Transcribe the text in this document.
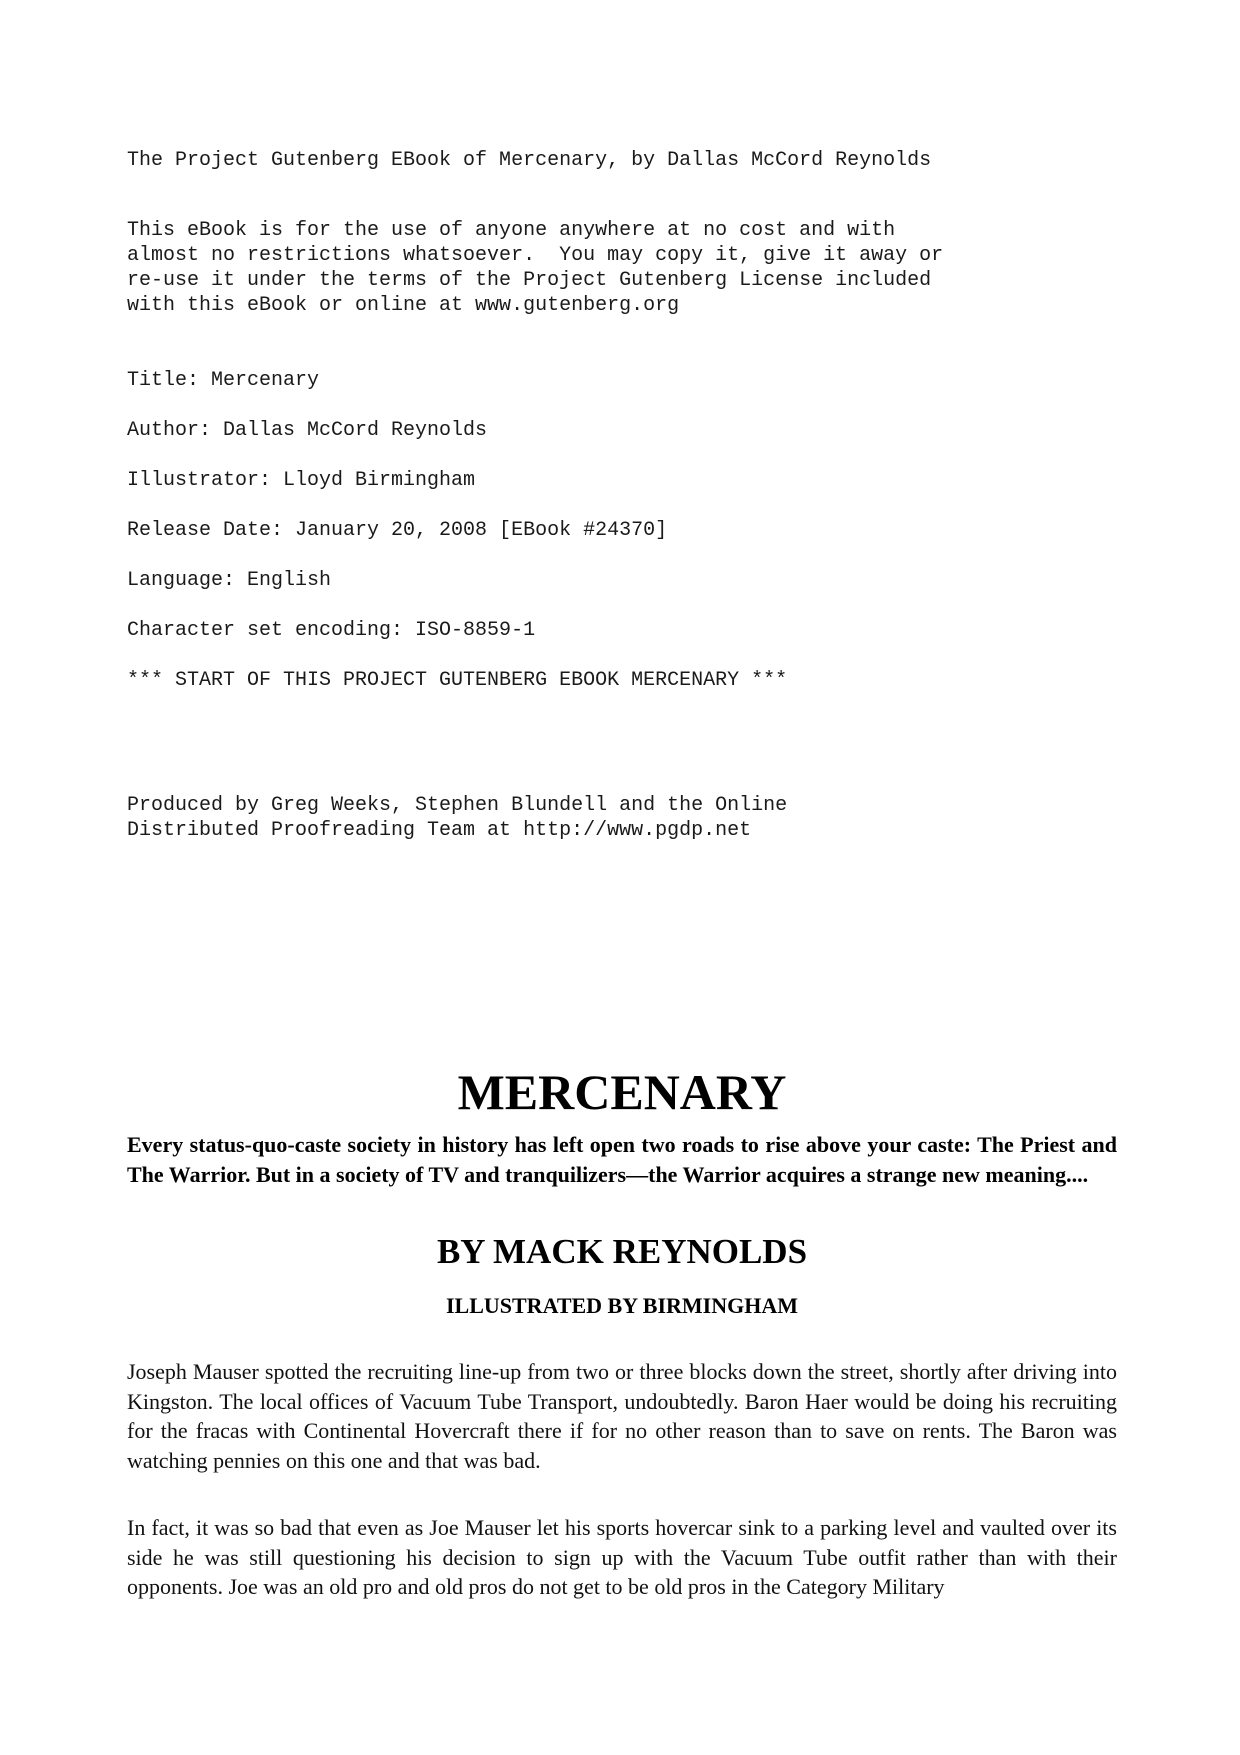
The Project Gutenberg EBook of Mercenary, by Dallas McCord Reynolds

This eBook is for the use of anyone anywhere at no cost and with
almost no restrictions whatsoever.  You may copy it, give it away or
re-use it under the terms of the Project Gutenberg License included
with this eBook or online at www.gutenberg.org

Title: Mercenary

Author: Dallas McCord Reynolds

Illustrator: Lloyd Birmingham

Release Date: January 20, 2008 [EBook #24370]

Language: English

Character set encoding: ISO-8859-1

*** START OF THIS PROJECT GUTENBERG EBOOK MERCENARY ***

Produced by Greg Weeks, Stephen Blundell and the Online
Distributed Proofreading Team at http://www.pgdp.net

MERCENARY

Every status-quo-caste society in history has left open two roads to rise above your caste: The Priest and The Warrior. But in a society of TV and tranquilizers—the Warrior acquires a strange new meaning....

BY MACK REYNOLDS
ILLUSTRATED BY BIRMINGHAM

Joseph Mauser spotted the recruiting line-up from two or three blocks down the street, shortly after driving into Kingston. The local offices of Vacuum Tube Transport, undoubtedly. Baron Haer would be doing his recruiting for the fracas with Continental Hovercraft there if for no other reason than to save on rents. The Baron was watching pennies on this one and that was bad.

In fact, it was so bad that even as Joe Mauser let his sports hovercar sink to a parking level and vaulted over its side he was still questioning his decision to sign up with the Vacuum Tube outfit rather than with their opponents. Joe was an old pro and old pros do not get to be old pros in the Category Military
